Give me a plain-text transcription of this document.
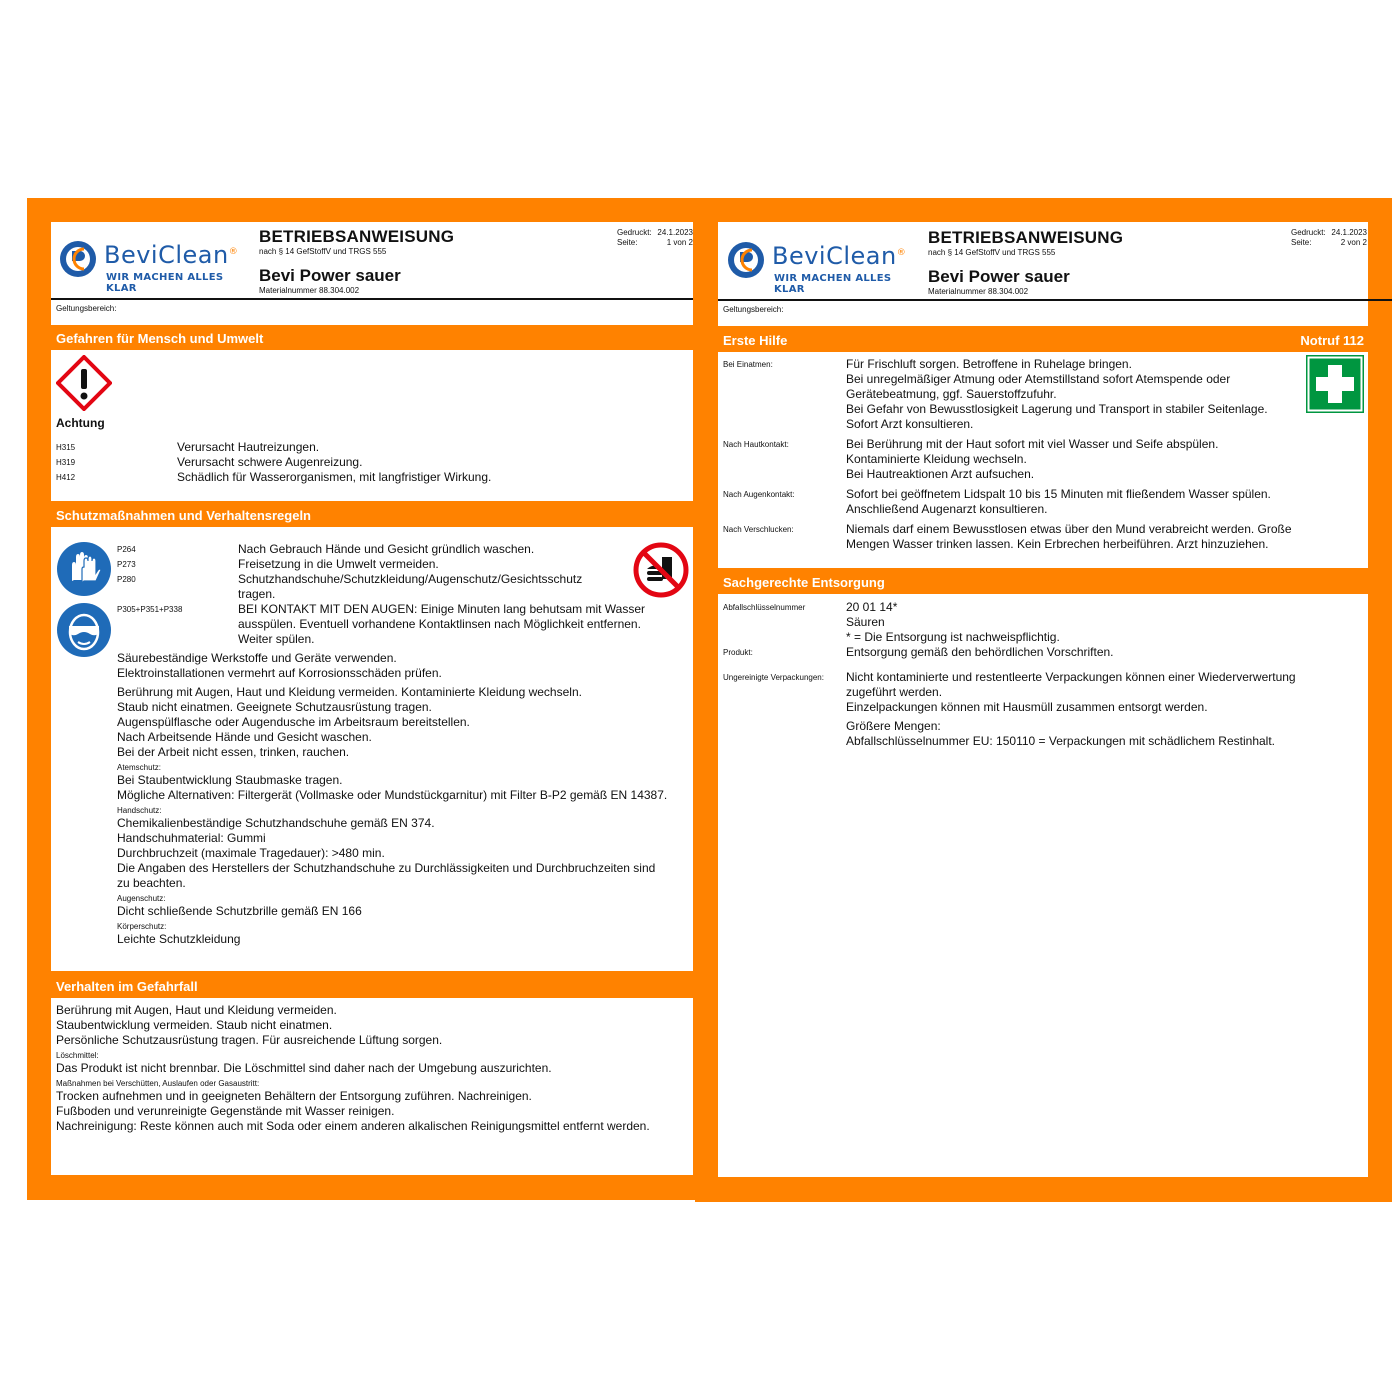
BeviClean®
WIR MACHEN ALLES KLAR
BETRIEBSANWEISUNG
nach § 14 GefStoffV und TRGS 555
Bevi Power sauer
Materialnummer 88.304.002
Gedruckt: 24.1.2023
Seite:	1 von 2
Geltungsbereich:
Gefahren für Mensch und Umwelt
Achtung
H315	Verursacht Hautreizungen.
H319	Verursacht schwere Augenreizung.
H412	Schädlich für Wasserorganismen, mit langfristiger Wirkung.
Schutzmaßnahmen und Verhaltensregeln
P264	Nach Gebrauch Hände und Gesicht gründlich waschen.
P273	Freisetzung in die Umwelt vermeiden.
P280	Schutzhandschuhe/Schutzkleidung/Augenschutz/Gesichtsschutz
tragen.
P305+P351+P338	BEI KONTAKT MIT DEN AUGEN: Einige Minuten lang behutsam mit Wasser
ausspülen. Eventuell vorhandene Kontaktlinsen nach Möglichkeit entfernen.
Weiter spülen.
Säurebeständige Werkstoffe und Geräte verwenden.
Elektroinstallationen vermehrt auf Korrosionsschäden prüfen.
Berührung mit Augen, Haut und Kleidung vermeiden. Kontaminierte Kleidung wechseln.
Staub nicht einatmen. Geeignete Schutzausrüstung tragen.
Augenspülflasche oder Augendusche im Arbeitsraum bereitstellen.
Nach Arbeitsende Hände und Gesicht waschen.
Bei der Arbeit nicht essen, trinken, rauchen.
Atemschutz:
Bei Staubentwicklung Staubmaske tragen.
Mögliche Alternativen: Filtergerät (Vollmaske oder Mundstückgarnitur) mit Filter B-P2 gemäß EN 14387.
Handschutz:
Chemikalienbeständige Schutzhandschuhe gemäß EN 374.
Handschuhmaterial: Gummi
Durchbruchzeit (maximale Tragedauer): >480 min.
Die Angaben des Herstellers der Schutzhandschuhe zu Durchlässigkeiten und Durchbruchzeiten sind
zu beachten.
Augenschutz:
Dicht schließende Schutzbrille gemäß EN 166
Körperschutz:
Leichte Schutzkleidung
Verhalten im Gefahrfall
Berührung mit Augen, Haut und Kleidung vermeiden.
Staubentwicklung vermeiden. Staub nicht einatmen.
Persönliche Schutzausrüstung tragen. Für ausreichende Lüftung sorgen.
Löschmittel:
Das Produkt ist nicht brennbar. Die Löschmittel sind daher nach der Umgebung auszurichten.
Maßnahmen bei Verschütten, Auslaufen oder Gasaustritt:
Trocken aufnehmen und in geeigneten Behältern der Entsorgung zuführen. Nachreinigen.
Fußboden und verunreinigte Gegenstände mit Wasser reinigen.
Nachreinigung: Reste können auch mit Soda oder einem anderen alkalischen Reinigungsmittel entfernt werden.
BeviClean®
WIR MACHEN ALLES KLAR
BETRIEBSANWEISUNG
nach § 14 GefStoffV und TRGS 555
Bevi Power sauer
Materialnummer 88.304.002
Gedruckt: 24.1.2023
Seite:	2 von 2
Geltungsbereich:
Erste Hilfe	Notruf 112
Bei Einatmen:	Für Frischluft sorgen. Betroffene in Ruhelage bringen.
Bei unregelmäßiger Atmung oder Atemstillstand sofort Atemspende oder
Gerätebeatmung, ggf. Sauerstoffzufuhr.
Bei Gefahr von Bewusstlosigkeit Lagerung und Transport in stabiler Seitenlage.
Sofort Arzt konsultieren.
Nach Hautkontakt:	Bei Berührung mit der Haut sofort mit viel Wasser und Seife abspülen.
Kontaminierte Kleidung wechseln.
Bei Hautreaktionen Arzt aufsuchen.
Nach Augenkontakt:	Sofort bei geöffnetem Lidspalt 10 bis 15 Minuten mit fließendem Wasser spülen.
Anschließend Augenarzt konsultieren.
Nach Verschlucken:	Niemals darf einem Bewusstlosen etwas über den Mund verabreicht werden. Große
Mengen Wasser trinken lassen. Kein Erbrechen herbeiführen. Arzt hinzuziehen.
Sachgerechte Entsorgung
Abfallschlüsselnummer	20 01 14*
Säuren
* = Die Entsorgung ist nachweispflichtig.
Produkt:	Entsorgung gemäß den behördlichen Vorschriften.
Ungereinigte Verpackungen:	Nicht kontaminierte und restentleerte Verpackungen können einer Wiederverwertung
zugeführt werden.
Einzelpackungen können mit Hausmüll zusammen entsorgt werden.
Größere Mengen:
Abfallschlüsselnummer EU: 150110 = Verpackungen mit schädlichem Restinhalt.
